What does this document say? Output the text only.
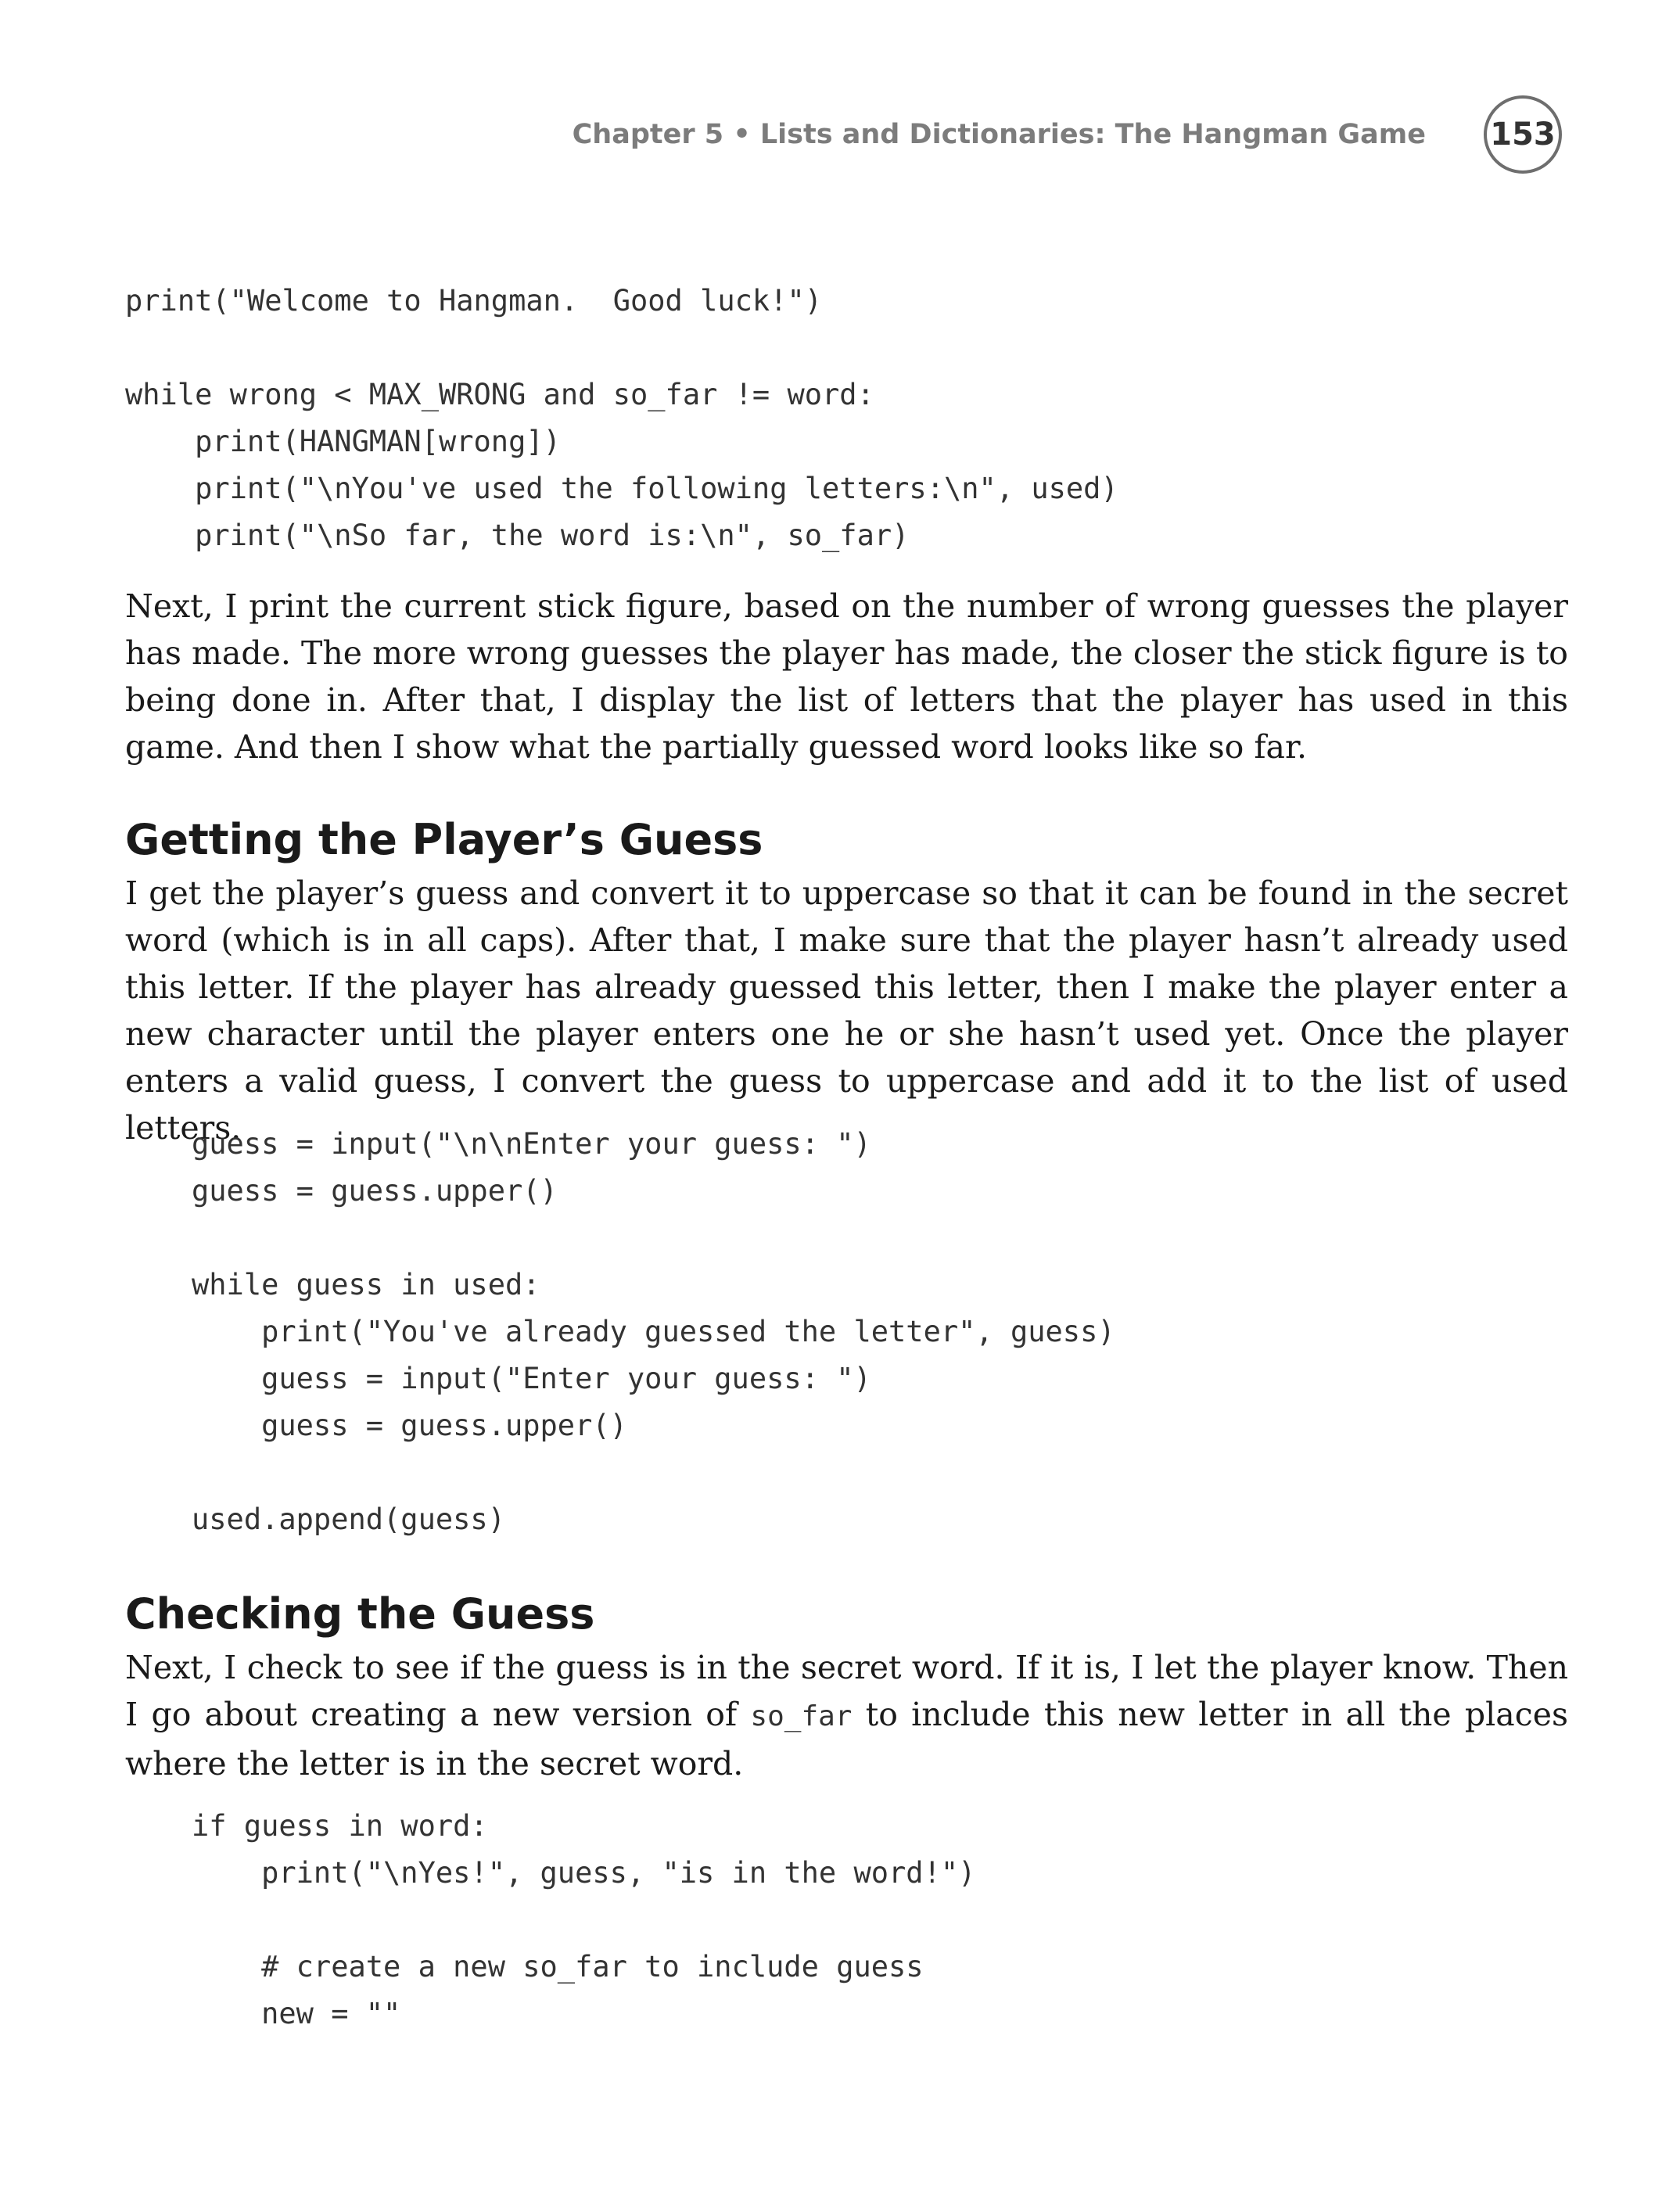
Chapter 5 • Lists and Dictionaries: The Hangman Game 153
print("Welcome to Hangman.  Good luck!")

while wrong < MAX_WRONG and so_far != word:
print(HANGMAN[wrong])
print("\nYou've used the following letters:\n", used)
print("\nSo far, the word is:\n", so_far)

Next, I print the current stick figure, based on the number of wrong guesses the player has made. The more wrong guesses the player has made, the closer the stick figure is to being done in. After that, I display the list of letters that the player has used in this game. And then I show what the partially guessed word looks like so far.

Getting the Player’s Guess

I get the player’s guess and convert it to uppercase so that it can be found in the secret word (which is in all caps). After that, I make sure that the player hasn’t already used this letter. If the player has already guessed this letter, then I make the player enter a new character until the player enters one he or she hasn’t used yet. Once the player enters a valid guess, I convert the guess to uppercase and add it to the list of used letters.

guess = input("\n\nEnter your guess: ")
guess = guess.upper()

while guess in used:
print("You've already guessed the letter", guess)
guess = input("Enter your guess: ")
guess = guess.upper()

used.append(guess)
Checking the Guess

Next, I check to see if the guess is in the secret word. If it is, I let the player know. Then I go about creating a new version of so_far to include this new letter in all the places where the letter is in the secret word.

if guess in word:
print("\nYes!", guess, "is in the word!")

# create a new so_far to include guess
new = ""
